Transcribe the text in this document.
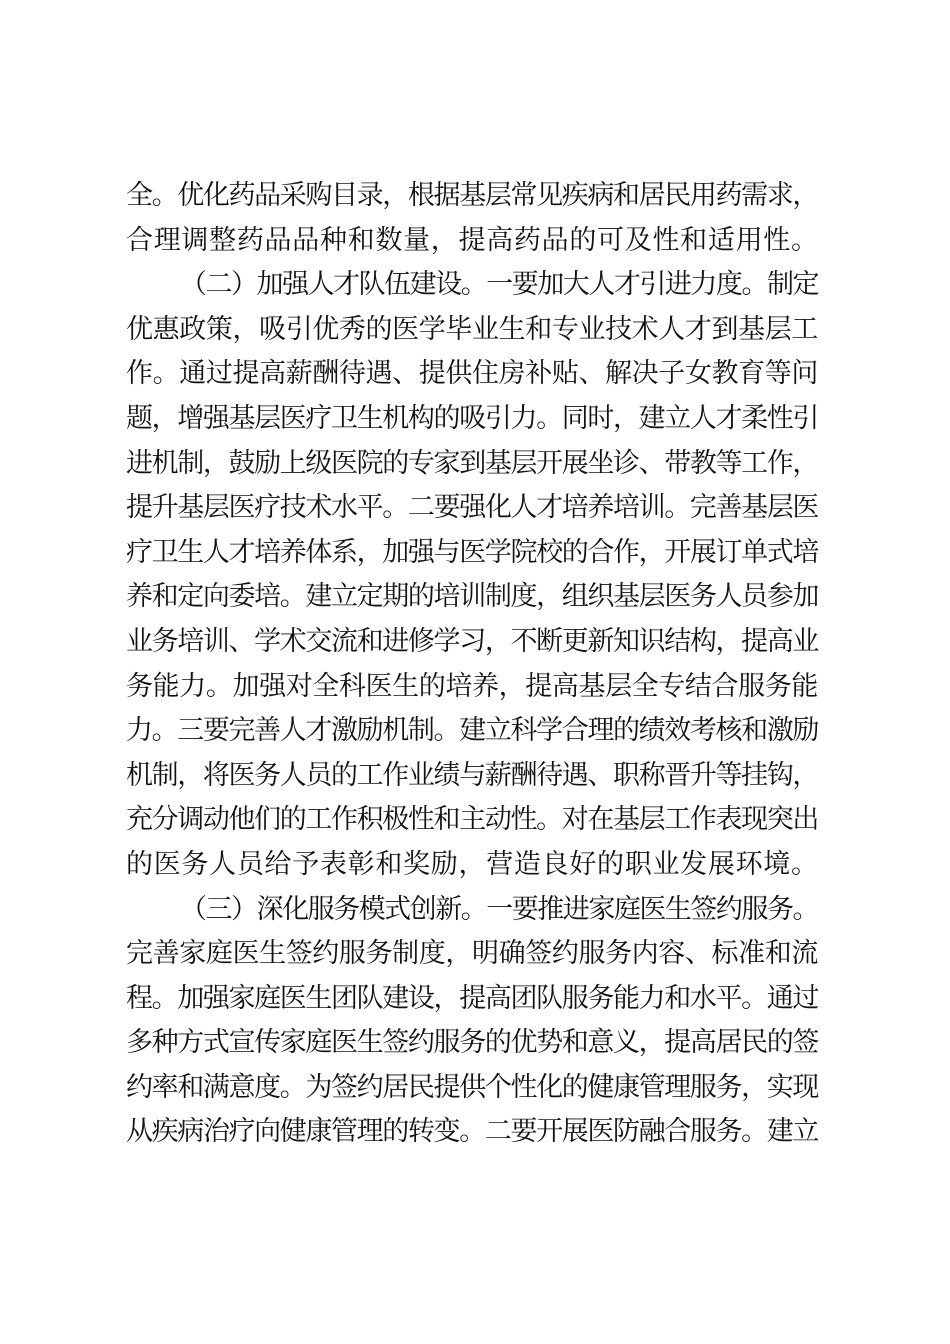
全。优化药品采购目录，根据基层常见疾病和居民用药需求，
合理调整药品品种和数量，提高药品的可及性和适用性。
（二）加强人才队伍建设。一要加大人才引进力度。制定
优惠政策，吸引优秀的医学毕业生和专业技术人才到基层工
作。通过提高薪酬待遇、提供住房补贴、解决子女教育等问
题，增强基层医疗卫生机构的吸引力。同时，建立人才柔性引
进机制，鼓励上级医院的专家到基层开展坐诊、带教等工作，
提升基层医疗技术水平。二要强化人才培养培训。完善基层医
疗卫生人才培养体系，加强与医学院校的合作，开展订单式培
养和定向委培。建立定期的培训制度，组织基层医务人员参加
业务培训、学术交流和进修学习，不断更新知识结构，提高业
务能力。加强对全科医生的培养，提高基层全专结合服务能
力。三要完善人才激励机制。建立科学合理的绩效考核和激励
机制，将医务人员的工作业绩与薪酬待遇、职称晋升等挂钩，
充分调动他们的工作积极性和主动性。对在基层工作表现突出
的医务人员给予表彰和奖励，营造良好的职业发展环境。
（三）深化服务模式创新。一要推进家庭医生签约服务。
完善家庭医生签约服务制度，明确签约服务内容、标准和流
程。加强家庭医生团队建设，提高团队服务能力和水平。通过
多种方式宣传家庭医生签约服务的优势和意义，提高居民的签
约率和满意度。为签约居民提供个性化的健康管理服务，实现
从疾病治疗向健康管理的转变。二要开展医防融合服务。建立
